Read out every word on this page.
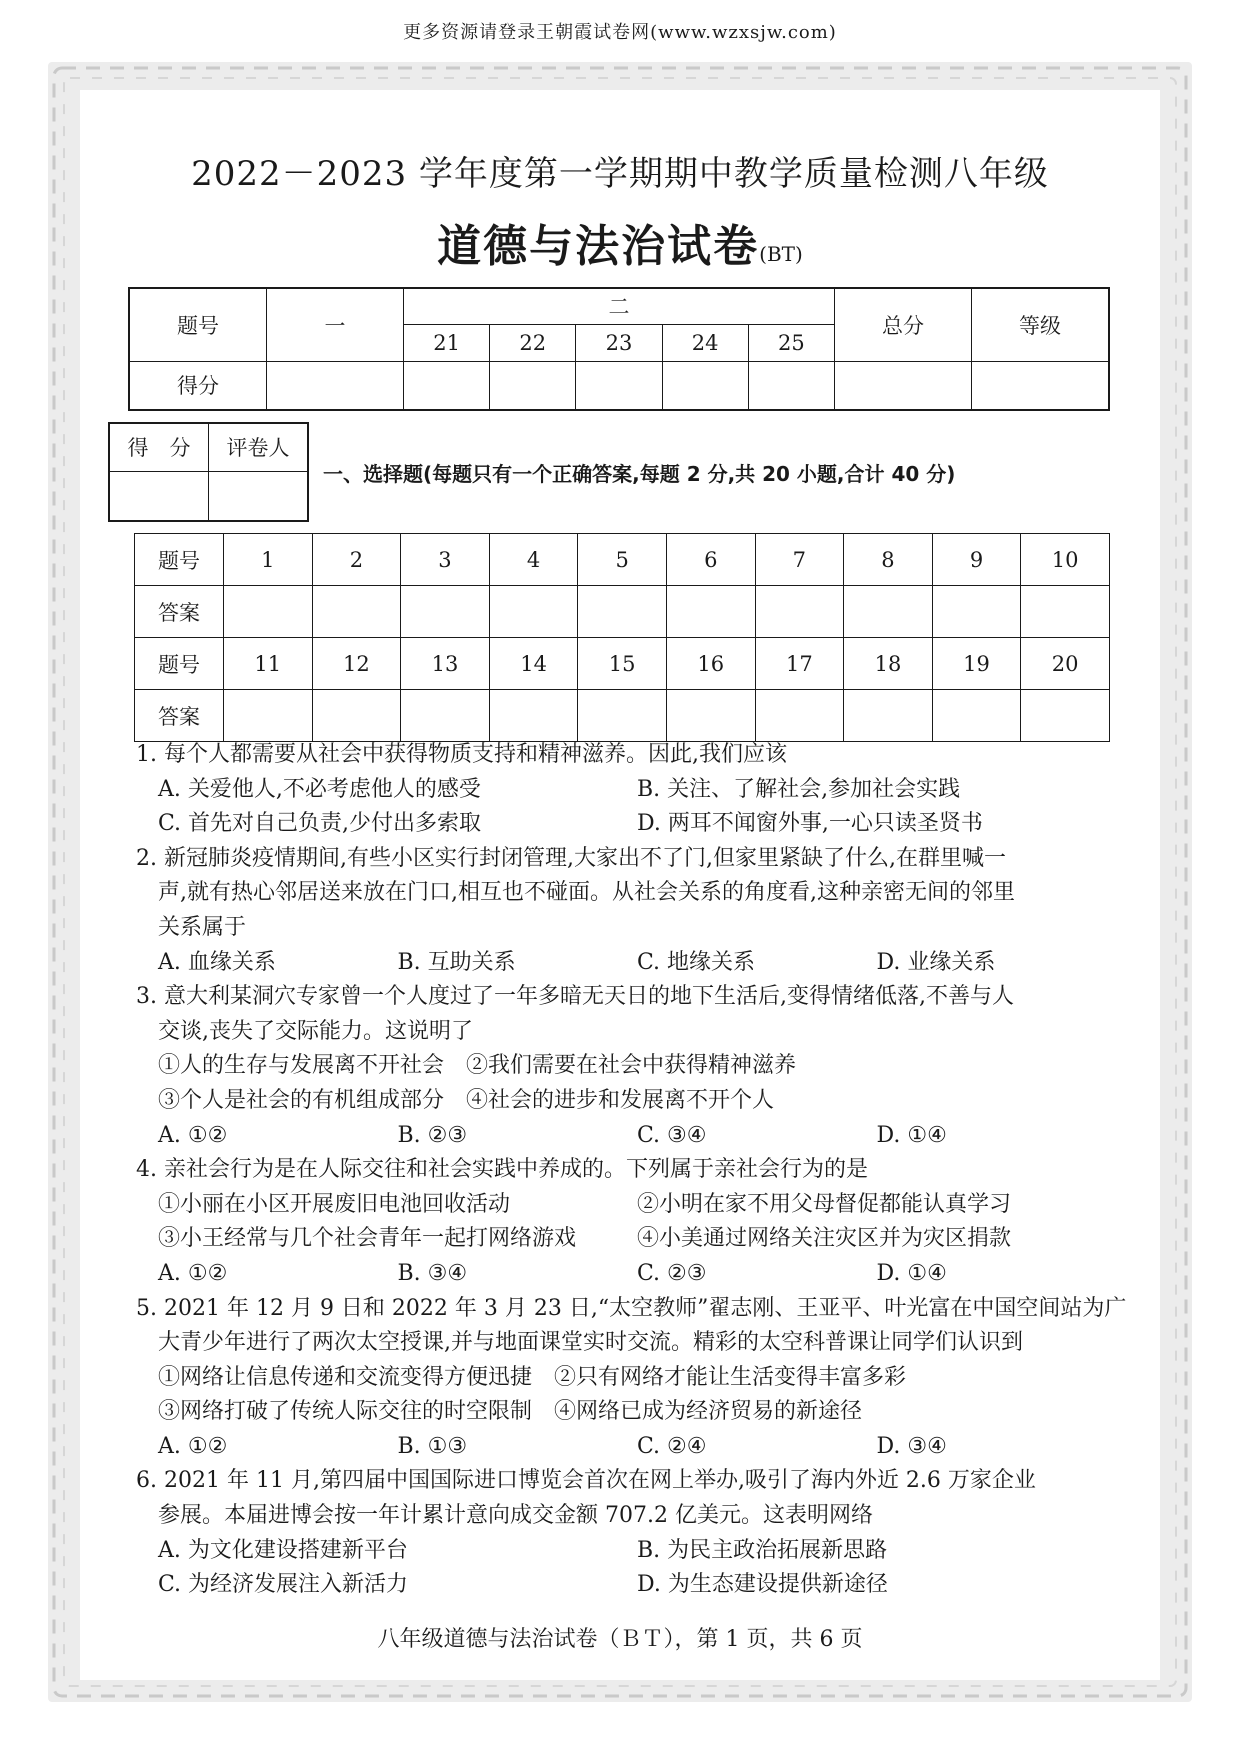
更多资源请登录王朝霞试卷网(www.wzxsjw.com)
2022－2023 学年度第一学期期中教学质量检测八年级
道德与法治试卷(BT)
题号	一	二					总分	等级
		21	22	23	24	25		
得分								
得　分	评卷人

一、选择题(每题只有一个正确答案,每题 2 分,共 20 小题,合计 40 分)
题号	1	2	3	4	5	6	7	8	9	10
答案										
题号	11	12	13	14	15	16	17	18	19	20
答案										
1. 每个人都需要从社会中获得物质支持和精神滋养。因此,我们应该
A. 关爱他人,不必考虑他人的感受	B. 关注、了解社会,参加社会实践
C. 首先对自己负责,少付出多索取	D. 两耳不闻窗外事,一心只读圣贤书
2. 新冠肺炎疫情期间,有些小区实行封闭管理,大家出不了门,但家里紧缺了什么,在群里喊一
声,就有热心邻居送来放在门口,相互也不碰面。从社会关系的角度看,这种亲密无间的邻里
关系属于
A. 血缘关系	B. 互助关系	C. 地缘关系	D. 业缘关系
3. 意大利某洞穴专家曾一个人度过了一年多暗无天日的地下生活后,变得情绪低落,不善与人
交谈,丧失了交际能力。这说明了
①人的生存与发展离不开社会　②我们需要在社会中获得精神滋养
③个人是社会的有机组成部分　④社会的进步和发展离不开个人
A. ①②	B. ②③	C. ③④	D. ①④
4. 亲社会行为是在人际交往和社会实践中养成的。下列属于亲社会行为的是
①小丽在小区开展废旧电池回收活动	②小明在家不用父母督促都能认真学习
③小王经常与几个社会青年一起打网络游戏	④小美通过网络关注灾区并为灾区捐款
A. ①②	B. ③④	C. ②③	D. ①④
5. 2021 年 12 月 9 日和 2022 年 3 月 23 日,“太空教师”翟志刚、王亚平、叶光富在中国空间站为广
大青少年进行了两次太空授课,并与地面课堂实时交流。精彩的太空科普课让同学们认识到
①网络让信息传递和交流变得方便迅捷　②只有网络才能让生活变得丰富多彩
③网络打破了传统人际交往的时空限制　④网络已成为经济贸易的新途径
A. ①②	B. ①③	C. ②④	D. ③④
6. 2021 年 11 月,第四届中国国际进口博览会首次在网上举办,吸引了海内外近 2.6 万家企业
参展。本届进博会按一年计累计意向成交金额 707.2 亿美元。这表明网络
A. 为文化建设搭建新平台	B. 为民主政治拓展新思路
C. 为经济发展注入新活力	D. 为生态建设提供新途径
八年级道德与法治试卷（ＢＴ），第 1 页，共 6 页
